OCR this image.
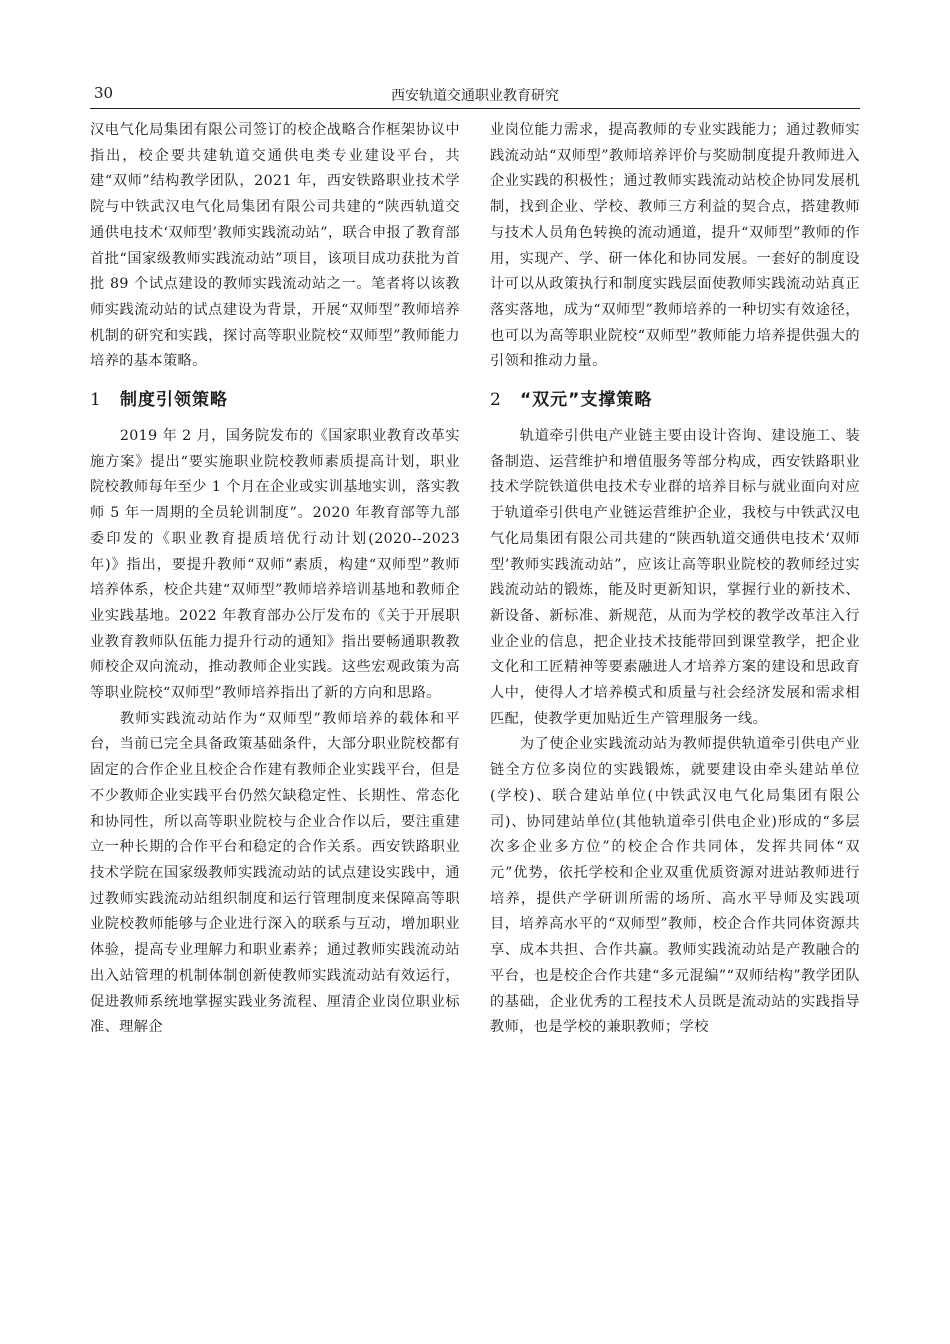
30	西安轨道交通职业教育研究

汉电气化局集团有限公司签订的校企战略合作框架协议中指出，校企要共建轨道交通供电类专业建设平台，共建“双师”结构教学团队，2021 年，西安铁路职业技术学院与中铁武汉电气化局集团有限公司共建的“陕西轨道交通供电技术‘双师型’教师实践流动站”，联合申报了教育部首批“国家级教师实践流动站”项目，该项目成功获批为首批 89 个试点建设的教师实践流动站之一。笔者将以该教师实践流动站的试点建设为背景，开展“双师型”教师培养机制的研究和实践，探讨高等职业院校“双师型”教师能力培养的基本策略。

1 制度引领策略

2019 年 2 月，国务院发布的《国家职业教育改革实施方案》提出“要实施职业院校教师素质提高计划，职业院校教师每年至少 1 个月在企业或实训基地实训，落实教师 5 年一周期的全员轮训制度”。2020 年教育部等九部委印发的《职业教育提质培优行动计划(2020--2023 年)》指出，要提升教师“双师”素质，构建“双师型”教师培养体系，校企共建“双师型”教师培养培训基地和教师企业实践基地。2022 年教育部办公厅发布的《关于开展职业教育教师队伍能力提升行动的通知》指出要畅通职教教师校企双向流动，推动教师企业实践。这些宏观政策为高等职业院校“双师型”教师培养指出了新的方向和思路。

教师实践流动站作为“双师型”教师培养的载体和平台，当前已完全具备政策基础条件，大部分职业院校都有固定的合作企业且校企合作建有教师企业实践平台，但是不少教师企业实践平台仍然欠缺稳定性、长期性、常态化和协同性，所以高等职业院校与企业合作以后，要注重建立一种长期的合作平台和稳定的合作关系。西安铁路职业技术学院在国家级教师实践流动站的试点建设实践中，通过教师实践流动站组织制度和运行管理制度来保障高等职业院校教师能够与企业进行深入的联系与互动，增加职业体验，提高专业理解力和职业素养；通过教师实践流动站出入站管理的机制体制创新使教师实践流动站有效运行，促进教师系统地掌握实践业务流程、厘清企业岗位职业标准、理解企

业岗位能力需求，提高教师的专业实践能力；通过教师实践流动站“双师型”教师培养评价与奖励制度提升教师进入企业实践的积极性；通过教师实践流动站校企协同发展机制，找到企业、学校、教师三方利益的契合点，搭建教师与技术人员角色转换的流动通道，提升“双师型”教师的作用，实现产、学、研一体化和协同发展。一套好的制度设计可以从政策执行和制度实践层面使教师实践流动站真正落实落地，成为“双师型”教师培养的一种切实有效途径，也可以为高等职业院校“双师型”教师能力培养提供强大的引领和推动力量。

2 “双元”支撑策略

轨道牵引供电产业链主要由设计咨询、建设施工、装备制造、运营维护和增值服务等部分构成，西安铁路职业技术学院铁道供电技术专业群的培养目标与就业面向对应于轨道牵引供电产业链运营维护企业，我校与中铁武汉电气化局集团有限公司共建的“陕西轨道交通供电技术‘双师型’教师实践流动站”，应该让高等职业院校的教师经过实践流动站的锻炼，能及时更新知识，掌握行业的新技术、新设备、新标准、新规范，从而为学校的教学改革注入行业企业的信息，把企业技术技能带回到课堂教学，把企业文化和工匠精神等要素融进人才培养方案的建设和思政育人中，使得人才培养模式和质量与社会经济发展和需求相匹配，使教学更加贴近生产管理服务一线。

为了使企业实践流动站为教师提供轨道牵引供电产业链全方位多岗位的实践锻炼，就要建设由牵头建站单位(学校)、联合建站单位(中铁武汉电气化局集团有限公司)、协同建站单位(其他轨道牵引供电企业)形成的“多层次多企业多方位”的校企合作共同体，发挥共同体“双元”优势，依托学校和企业双重优质资源对进站教师进行培养，提供产学研训所需的场所、高水平导师及实践项目，培养高水平的“双师型”教师，校企合作共同体资源共享、成本共担、合作共赢。教师实践流动站是产教融合的平台，也是校企合作共建“多元混编”“双师结构”教学团队的基础，企业优秀的工程技术人员既是流动站的实践指导教师，也是学校的兼职教师；学校
